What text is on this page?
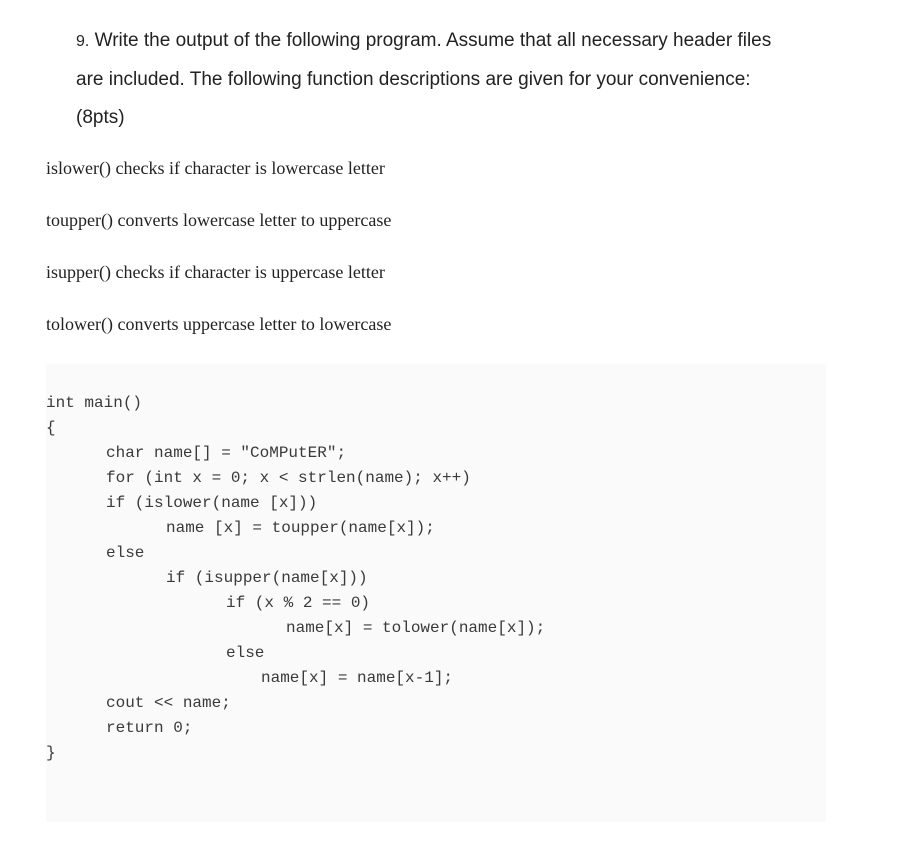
9. Write the output of the following program. Assume that all necessary header files
are included. The following function descriptions are given for your convenience:
(8pts)
islower() checks if character is lowercase letter
toupper() converts lowercase letter to uppercase
isupper() checks if character is uppercase letter
tolower() converts uppercase letter to lowercase
int main()
{
char name[] = "CoMPutER";
for (int x = 0; x < strlen(name); x++)
if (islower(name [x]))
name [x] = toupper(name[x]);
else
if (isupper(name[x]))
if (x % 2 == 0)
name[x] = tolower(name[x]);
else
name[x] = name[x-1];
cout << name;
return 0;
}
